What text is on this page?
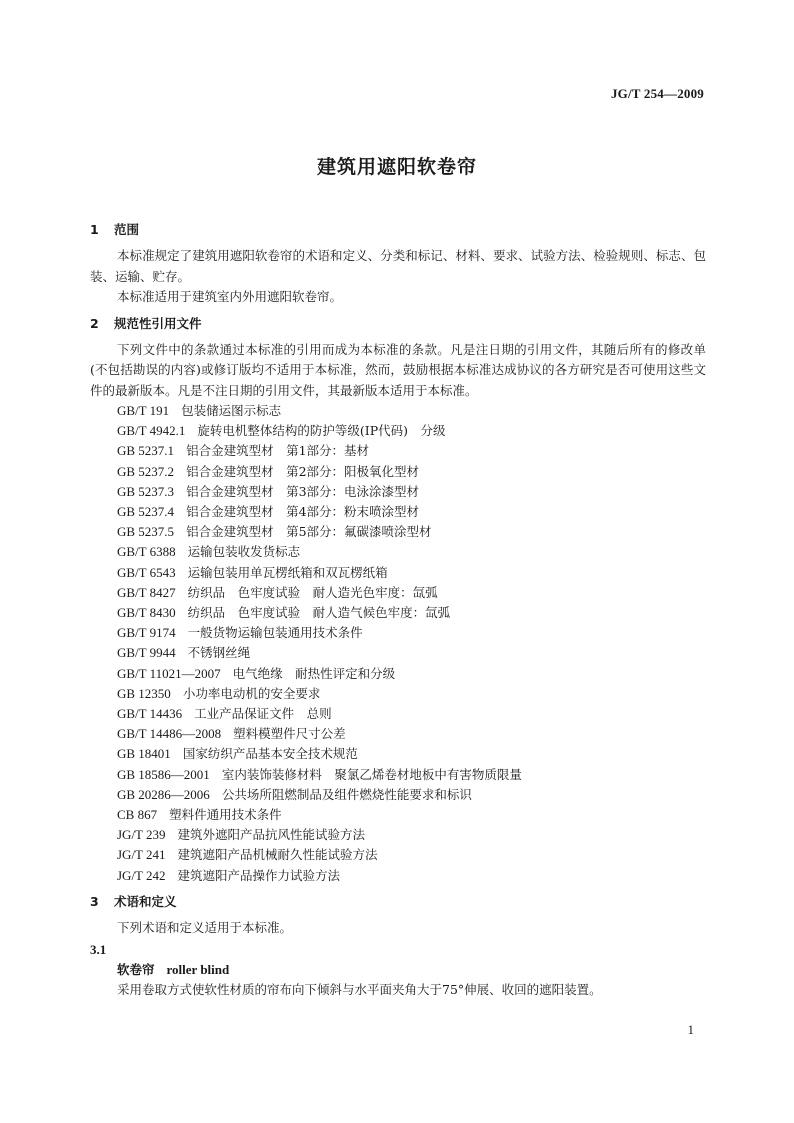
JG/T 254—2009
建筑用遮阳软卷帘
1 范围

本标准规定了建筑用遮阳软卷帘的术语和定义、分类和标记、材料、要求、试验方法、检验规则、标志、包装、运输、贮存。

本标准适用于建筑室内外用遮阳软卷帘。

2 规范性引用文件

下列文件中的条款通过本标准的引用而成为本标准的条款。凡是注日期的引用文件，其随后所有的修改单(不包括勘误的内容)或修订版均不适用于本标准，然而，鼓励根据本标准达成协议的各方研究是否可使用这些文件的最新版本。凡是不注日期的引用文件，其最新版本适用于本标准。

GB/T 191 包装储运图示标志
GB/T 4942.1 旋转电机整体结构的防护等级(IP代码)　分级
GB 5237.1 铝合金建筑型材　第1部分：基材
GB 5237.2 铝合金建筑型材　第2部分：阳极氧化型材
GB 5237.3 铝合金建筑型材　第3部分：电泳涂漆型材
GB 5237.4 铝合金建筑型材　第4部分：粉末喷涂型材
GB 5237.5 铝合金建筑型材　第5部分：氟碳漆喷涂型材
GB/T 6388 运输包装收发货标志
GB/T 6543 运输包装用单瓦楞纸箱和双瓦楞纸箱
GB/T 8427 纺织品　色牢度试验　耐人造光色牢度：氙弧
GB/T 8430 纺织品　色牢度试验　耐人造气候色牢度：氙弧
GB/T 9174 一般货物运输包装通用技术条件
GB/T 9944 不锈钢丝绳
GB/T 11021—2007 电气绝缘　耐热性评定和分级
GB 12350 小功率电动机的安全要求
GB/T 14436 工业产品保证文件　总则
GB/T 14486—2008 塑料模塑件尺寸公差
GB 18401 国家纺织产品基本安全技术规范
GB 18586—2001 室内装饰装修材料　聚氯乙烯卷材地板中有害物质限量
GB 20286—2006 公共场所阻燃制品及组件燃烧性能要求和标识
CB 867 塑料件通用技术条件
JG/T 239 建筑外遮阳产品抗风性能试验方法
JG/T 241 建筑遮阳产品机械耐久性能试验方法
JG/T 242 建筑遮阳产品操作力试验方法
3 术语和定义

下列术语和定义适用于本标准。

3.1
软卷帘 roller blind

采用卷取方式使软性材质的帘布向下倾斜与水平面夹角大于75°伸展、收回的遮阳装置。

1
